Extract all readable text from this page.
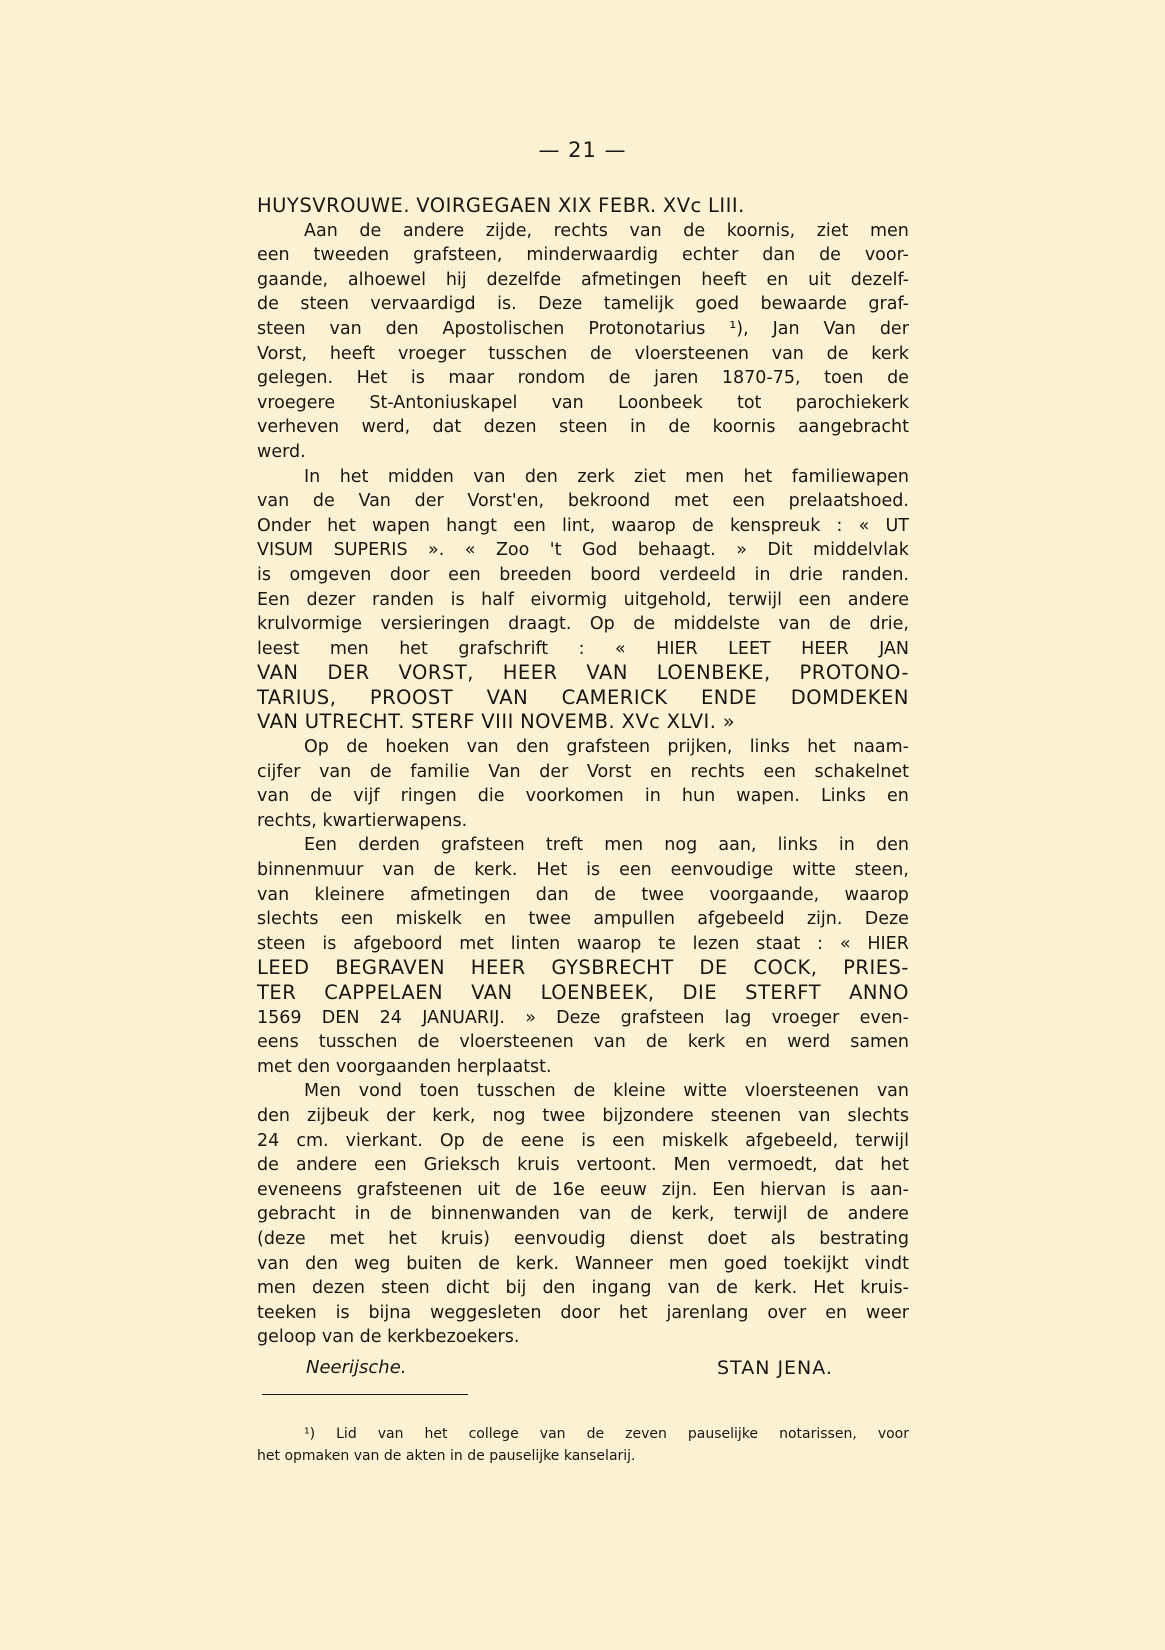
— 21 —
HUYSVROUWE. VOIRGEGAEN XIX FEBR. XVc LIII.
Aan de andere zijde, rechts van de koornis, ziet men
een tweeden grafsteen, minderwaardig echter dan de voor-
gaande, alhoewel hij dezelfde afmetingen heeft en uit dezelf-
de steen vervaardigd is. Deze tamelijk goed bewaarde graf-
steen van den Apostolischen Protonotarius ¹), Jan Van der
Vorst, heeft vroeger tusschen de vloersteenen van de kerk
gelegen. Het is maar rondom de jaren 1870-75, toen de
vroegere St-Antoniuskapel van Loonbeek tot parochiekerk
verheven werd, dat dezen steen in de koornis aangebracht
werd.
In het midden van den zerk ziet men het familiewapen
van de Van der Vorst'en, bekroond met een prelaatshoed.
Onder het wapen hangt een lint, waarop de kenspreuk : « UT
VISUM SUPERIS ». « Zoo 't God behaagt. » Dit middelvlak
is omgeven door een breeden boord verdeeld in drie randen.
Een dezer randen is half eivormig uitgehold, terwijl een andere
krulvormige versieringen draagt. Op de middelste van de drie,
leest men het grafschrift : « HIER LEET HEER JAN
VAN DER VORST, HEER VAN LOENBEKE, PROTONO-
TARIUS, PROOST VAN CAMERICK ENDE DOMDEKEN
VAN UTRECHT. STERF VIII NOVEMB. XVc XLVI. »
Op de hoeken van den grafsteen prijken, links het naam-
cijfer van de familie Van der Vorst en rechts een schakelnet
van de vijf ringen die voorkomen in hun wapen. Links en
rechts, kwartierwapens.
Een derden grafsteen treft men nog aan, links in den
binnenmuur van de kerk. Het is een eenvoudige witte steen,
van kleinere afmetingen dan de twee voorgaande, waarop
slechts een miskelk en twee ampullen afgebeeld zijn. Deze
steen is afgeboord met linten waarop te lezen staat : « HIER
LEED BEGRAVEN HEER GYSBRECHT DE COCK, PRIES-
TER CAPPELAEN VAN LOENBEEK, DIE STERFT ANNO
1569 DEN 24 JANUARIJ. » Deze grafsteen lag vroeger even-
eens tusschen de vloersteenen van de kerk en werd samen
met den voorgaanden herplaatst.
Men vond toen tusschen de kleine witte vloersteenen van
den zijbeuk der kerk, nog twee bijzondere steenen van slechts
24 cm. vierkant. Op de eene is een miskelk afgebeeld, terwijl
de andere een Grieksch kruis vertoont. Men vermoedt, dat het
eveneens grafsteenen uit de 16e eeuw zijn. Een hiervan is aan-
gebracht in de binnenwanden van de kerk, terwijl de andere
(deze met het kruis) eenvoudig dienst doet als bestrating
van den weg buiten de kerk. Wanneer men goed toekijkt vindt
men dezen steen dicht bij den ingang van de kerk. Het kruis-
teeken is bijna weggesleten door het jarenlang over en weer
geloop van de kerkbezoekers.
Neerijsche.	STAN JENA.
¹) Lid van het college van de zeven pauselijke notarissen, voor
het opmaken van de akten in de pauselijke kanselarij.
